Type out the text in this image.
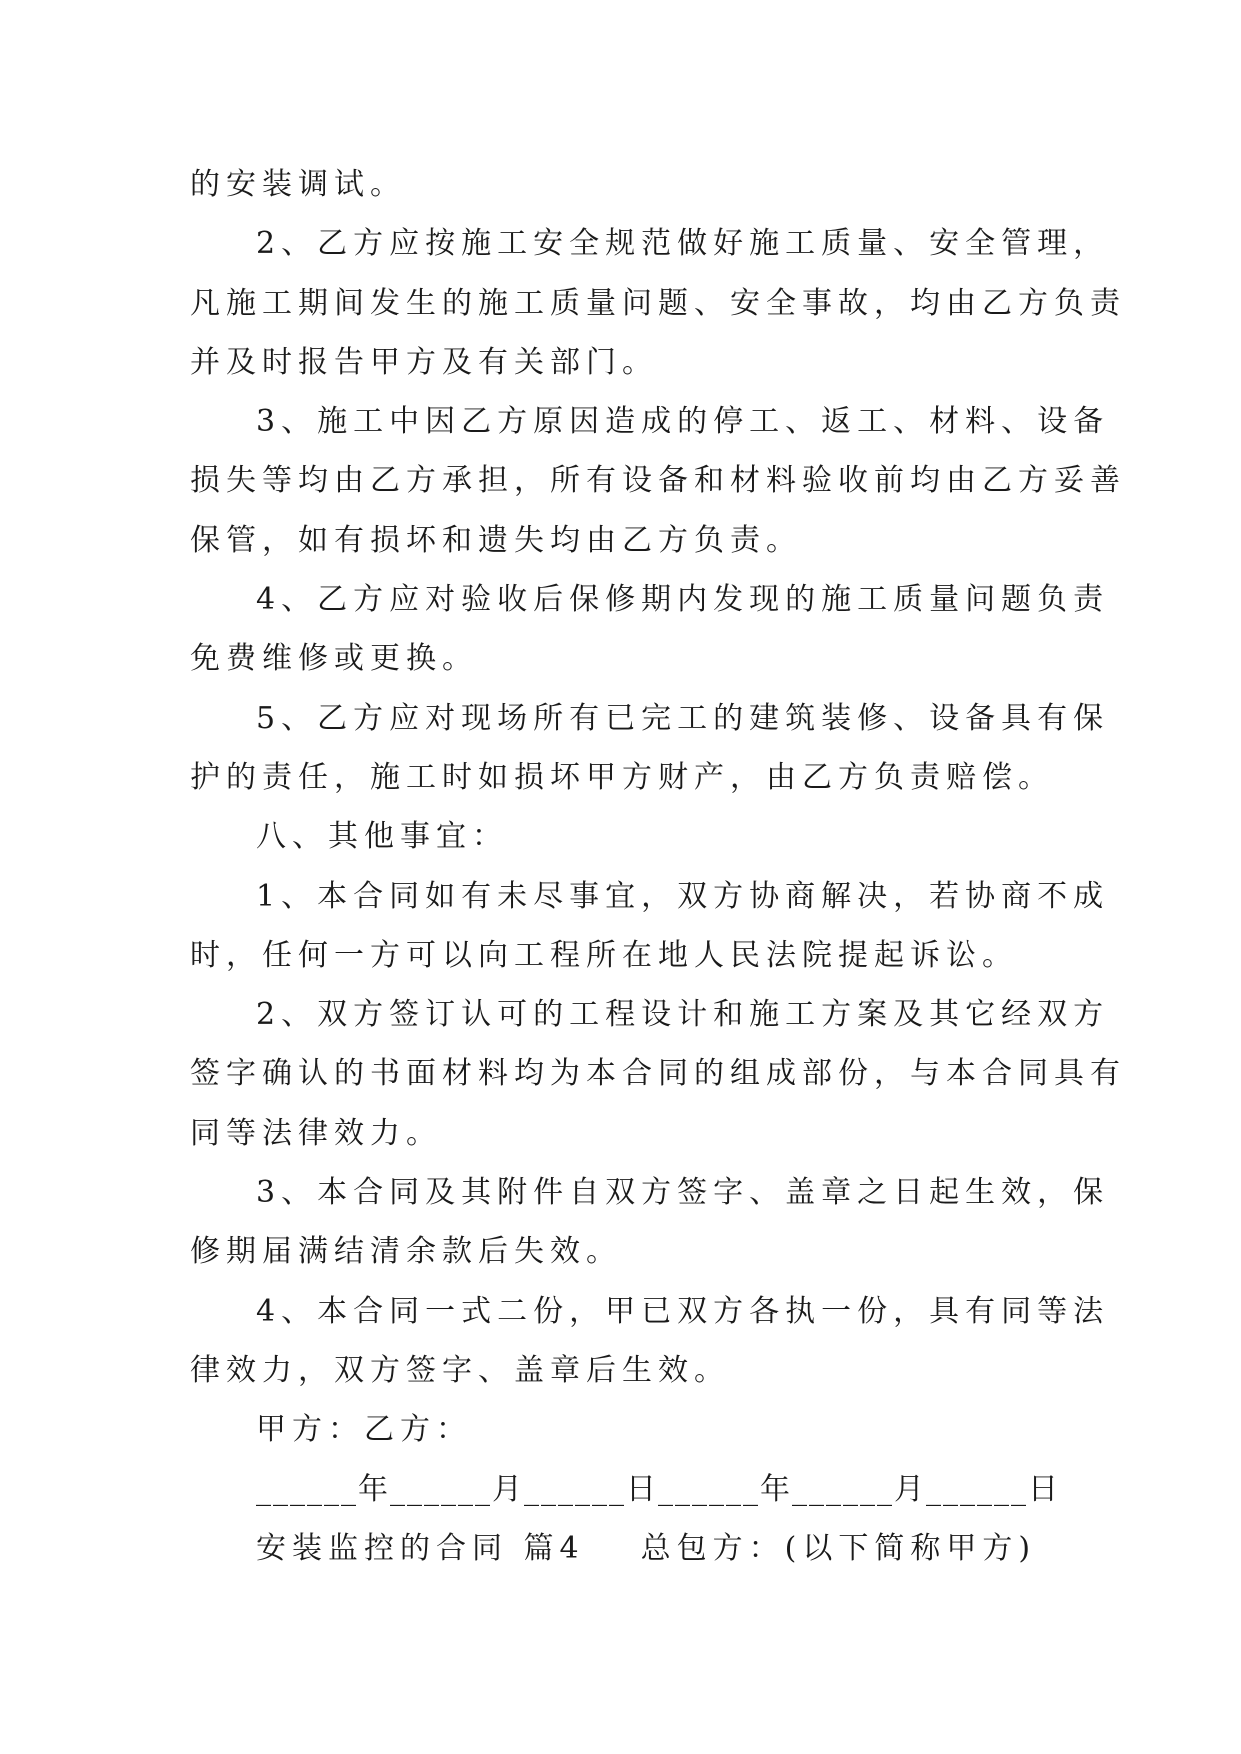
的安装调试。
2、乙方应按施工安全规范做好施工质量、安全管理，
凡施工期间发生的施工质量问题、安全事故，均由乙方负责
并及时报告甲方及有关部门。
3、施工中因乙方原因造成的停工、返工、材料、设备
损失等均由乙方承担，所有设备和材料验收前均由乙方妥善
保管，如有损坏和遗失均由乙方负责。
4、乙方应对验收后保修期内发现的施工质量问题负责
免费维修或更换。
5、乙方应对现场所有已完工的建筑装修、设备具有保
护的责任，施工时如损坏甲方财产，由乙方负责赔偿。
八、其他事宜：
1、本合同如有未尽事宜，双方协商解决，若协商不成
时，任何一方可以向工程所在地人民法院提起诉讼。
2、双方签订认可的工程设计和施工方案及其它经双方
签字确认的书面材料均为本合同的组成部份，与本合同具有
同等法律效力。
3、本合同及其附件自双方签字、盖章之日起生效，保
修期届满结清余款后失效。
4、本合同一式二份，甲已双方各执一份，具有同等法
律效力，双方签字、盖章后生效。
甲方：乙方：
______年______月______日______年______月______日
安装监控的合同 篇4 总包方：(以下简称甲方)
